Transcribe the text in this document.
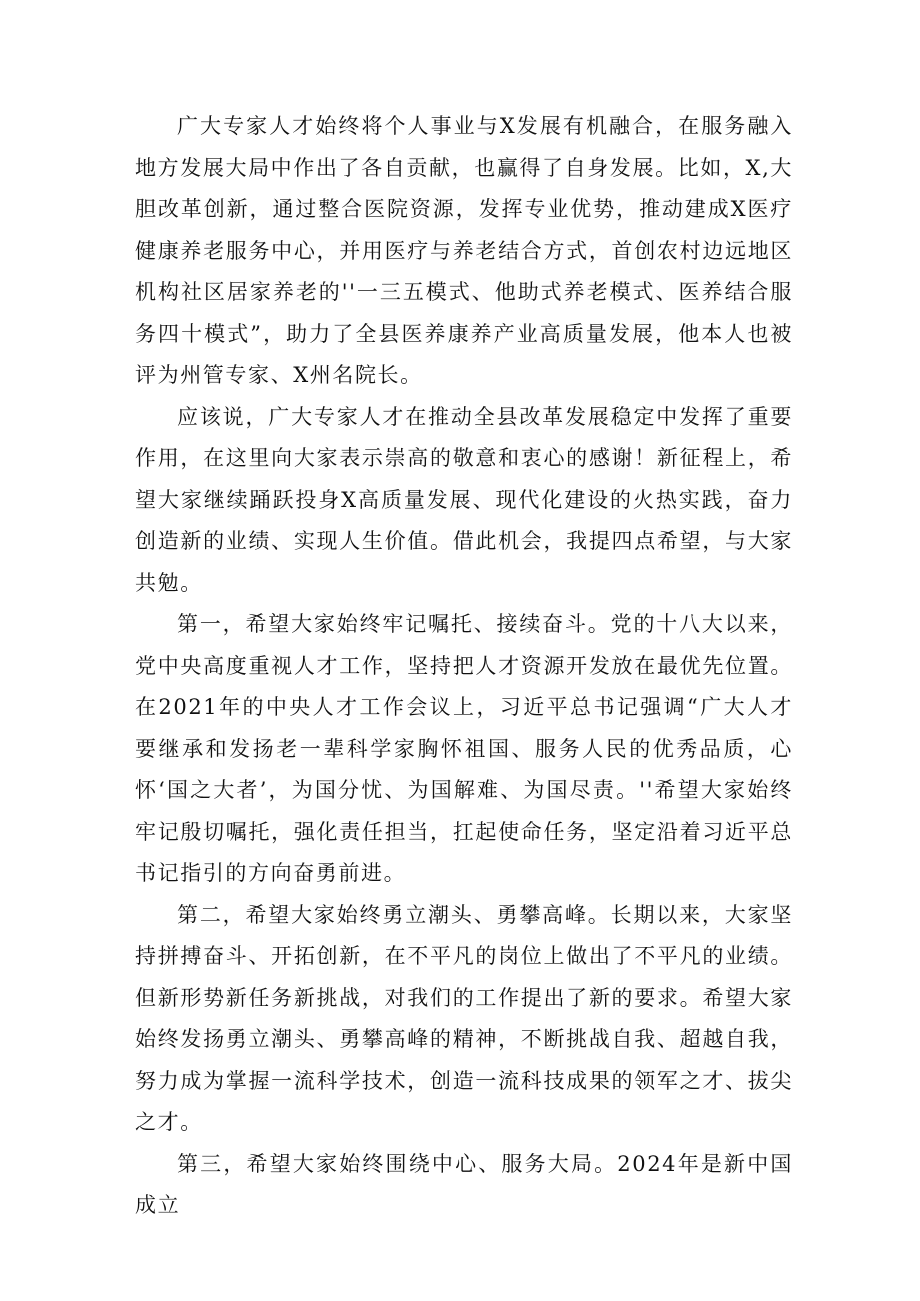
广大专家人才始终将个人事业与X发展有机融合，在服务融入地方发展大局中作出了各自贡献，也赢得了自身发展。比如，X,大胆改革创新，通过整合医院资源，发挥专业优势，推动建成X医疗健康养老服务中心，并用医疗与养老结合方式，首创农村边远地区机构社区居家养老的''一三五模式、他助式养老模式、医养结合服务四十模式”，助力了全县医养康养产业高质量发展，他本人也被评为州管专家、X州名院长。

应该说，广大专家人才在推动全县改革发展稳定中发挥了重要作用，在这里向大家表示崇高的敬意和衷心的感谢！新征程上，希望大家继续踊跃投身X高质量发展、现代化建设的火热实践，奋力创造新的业绩、实现人生价值。借此机会，我提四点希望，与大家共勉。

第一，希望大家始终牢记嘱托、接续奋斗。党的十八大以来，党中央高度重视人才工作，坚持把人才资源开发放在最优先位置。在2021年的中央人才工作会议上，习近平总书记强调“广大人才要继承和发扬老一辈科学家胸怀祖国、服务人民的优秀品质，心怀‘国之大者’，为国分忧、为国解难、为国尽责。''希望大家始终牢记殷切嘱托，强化责任担当，扛起使命任务，坚定沿着习近平总书记指引的方向奋勇前进。

第二，希望大家始终勇立潮头、勇攀高峰。长期以来，大家坚持拼搏奋斗、开拓创新，在不平凡的岗位上做出了不平凡的业绩。但新形势新任务新挑战，对我们的工作提出了新的要求。希望大家始终发扬勇立潮头、勇攀高峰的精神，不断挑战自我、超越自我，努力成为掌握一流科学技术，创造一流科技成果的领军之才、拔尖之才。

第三，希望大家始终围绕中心、服务大局。2024年是新中国成立
